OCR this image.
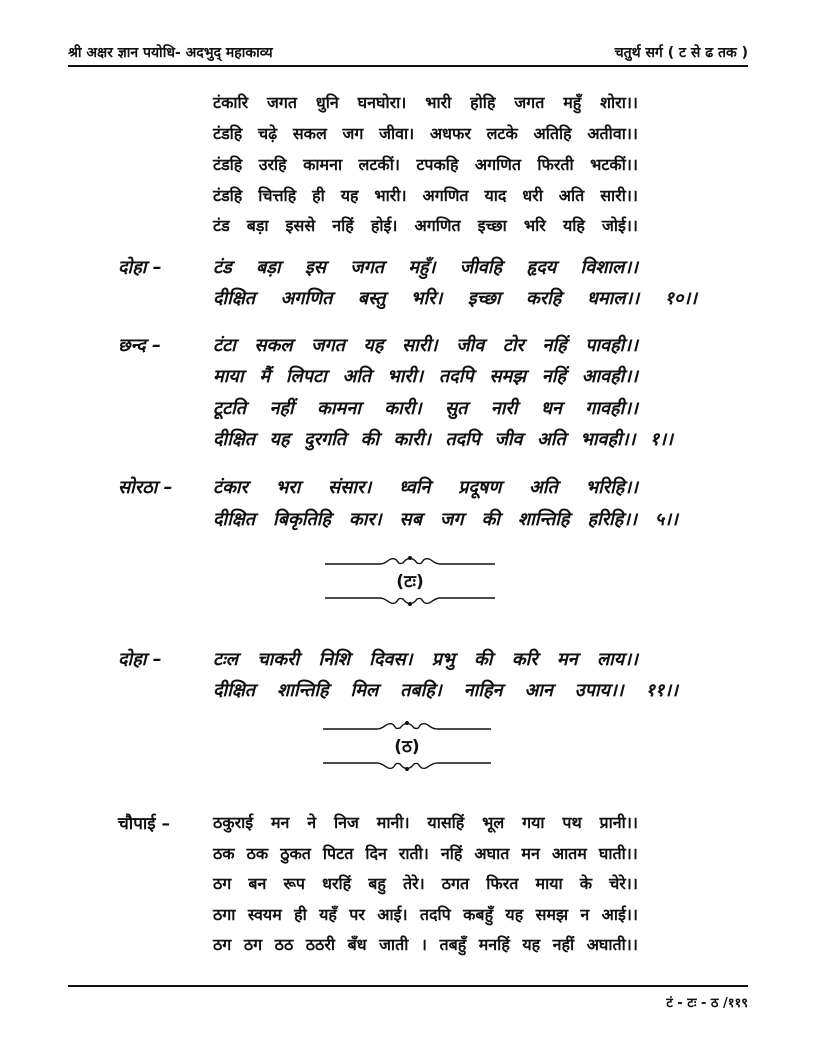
श्री अक्षर ज्ञान पयोधि- अदभुद् महाकाव्य	चतुर्थ सर्ग ( ट से ढ तक )
टंकारि जगत धुनि घनघोरा। भारी होहि जगत महुँ शोरा।।
टंडहि चढ़े सकल जग जीवा। अधफर लटके अतिहि अतीवा।।
टंडहि उरहि कामना लटकीं। टपकहि अगणित फिरती भटकीं।।
टंडहि चित्तहि ही यह भारी। अगणित याद धरी अति सारी।।
टंड बड़ा इससे नहिं होई। अगणित इच्छा भरि यहि जोई।।
दोहा –	टंड बड़ा इस जगत महुँ। जीवहि हृदय विशाल।।
दीक्षित अगणित बस्तु भरि। इच्छा करहि धमाल।। १०।।
छन्द –	टंटा सकल जगत यह सारी। जीव टोर नहिं पावही।।
माया मैं लिपटा अति भारी। तदपि समझ नहिं आवही।।
टूटति नहीं कामना कारी। सुत नारी धन गावही।।
दीक्षित यह दुरगति की कारी। तदपि जीव अति भावही।। १।।
सोरठा – टंकार भरा संसार। ध्वनि प्रदूषण अति भरिहि।।
दीक्षित बिकृतिहि कार। सब जग की शान्तिहि हरिहि।। ५।।
(टः)
दोहा –	टःल चाकरी निशि दिवस। प्रभु की करि मन लाय।।
दीक्षित शान्तिहि मिल तबहि। नाहिन आन उपाय।। ११।।
(ठ)
चौपाई –	ठकुराई मन ने निज मानी। यासहिं भूल गया पथ प्रानी।।
ठक ठक ठुकत पिटत दिन राती। नहिं अघात मन आतम घाती।।
ठग बन रूप धरहिं बहु तेरे। ठगत फिरत माया के चेरे।।
ठगा स्वयम ही यहँ पर आई। तदपि कबहुँ यह समझ न आई।।
ठग ठग ठठ ठठरी बँध जाती । तबहुँ मनहिं यह नहीं अघाती।।
टं - टः - ठ /११९
